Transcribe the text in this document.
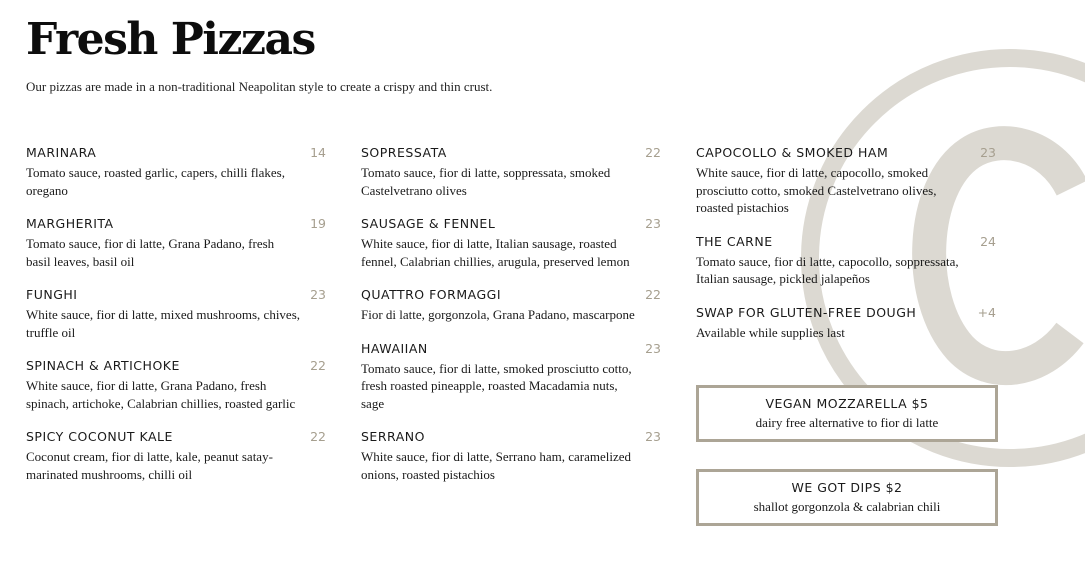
Fresh Pizzas

Our pizzas are made in a non-traditional Neapolitan style to create a crispy and thin crust.

MARINARA	14
Tomato sauce, roasted garlic, capers, chilli flakes, oregano
MARGHERITA	19
Tomato sauce, fior di latte, Grana Padano, fresh basil leaves, basil oil
FUNGHI	23
White sauce, fior di latte, mixed mushrooms, chives, truffle oil
SPINACH & ARTICHOKE	22
White sauce, fior di latte, Grana Padano, fresh spinach, artichoke, Calabrian chillies, roasted garlic
SPICY COCONUT KALE	22
Coconut cream, fior di latte, kale, peanut satay-marinated mushrooms, chilli oil
SOPRESSATA	22
Tomato sauce, fior di latte, soppressata, smoked Castelvetrano olives
SAUSAGE & FENNEL	23
White sauce, fior di latte, Italian sausage, roasted fennel, Calabrian chillies, arugula, preserved lemon
QUATTRO FORMAGGI	22
Fior di latte, gorgonzola, Grana Padano, mascarpone
HAWAIIAN	23
Tomato sauce, fior di latte, smoked prosciutto cotto, fresh roasted pineapple, roasted Macadamia nuts, sage
SERRANO	23
White sauce, fior di latte, Serrano ham, caramelized onions, roasted pistachios
CAPOCOLLO & SMOKED HAM	23
White sauce, fior di latte, capocollo, smoked prosciutto cotto, smoked Castelvetrano olives, roasted pistachios
THE CARNE	24
Tomato sauce, fior di latte, capocollo, soppressata, Italian sausage, pickled jalapeños
SWAP FOR GLUTEN-FREE DOUGH	+4
Available while supplies last
VEGAN MOZZARELLA $5
dairy free alternative to fior di latte
WE GOT DIPS $2
shallot gorgonzola & calabrian chili
